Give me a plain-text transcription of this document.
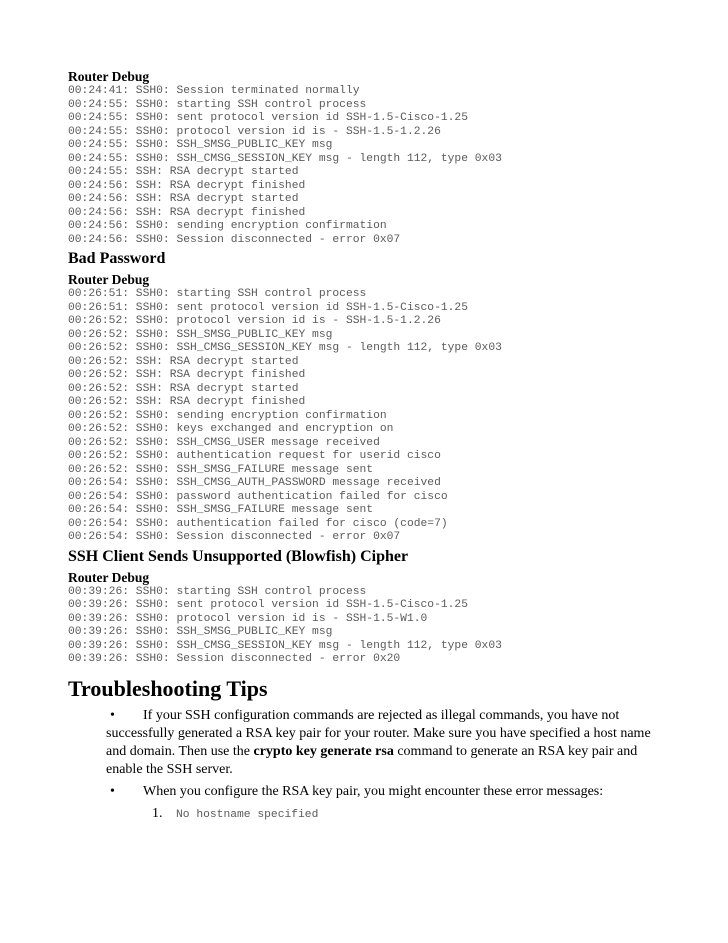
Router Debug

00:24:41: SSH0: Session terminated normally
00:24:55: SSH0: starting SSH control process
00:24:55: SSH0: sent protocol version id SSH-1.5-Cisco-1.25
00:24:55: SSH0: protocol version id is - SSH-1.5-1.2.26
00:24:55: SSH0: SSH_SMSG_PUBLIC_KEY msg
00:24:55: SSH0: SSH_CMSG_SESSION_KEY msg - length 112, type 0x03
00:24:55: SSH: RSA decrypt started
00:24:56: SSH: RSA decrypt finished
00:24:56: SSH: RSA decrypt started
00:24:56: SSH: RSA decrypt finished
00:24:56: SSH0: sending encryption confirmation
00:24:56: SSH0: Session disconnected - error 0x07

Bad Password

Router Debug

00:26:51: SSH0: starting SSH control process
00:26:51: SSH0: sent protocol version id SSH-1.5-Cisco-1.25
00:26:52: SSH0: protocol version id is - SSH-1.5-1.2.26
00:26:52: SSH0: SSH_SMSG_PUBLIC_KEY msg
00:26:52: SSH0: SSH_CMSG_SESSION_KEY msg - length 112, type 0x03
00:26:52: SSH: RSA decrypt started
00:26:52: SSH: RSA decrypt finished
00:26:52: SSH: RSA decrypt started
00:26:52: SSH: RSA decrypt finished
00:26:52: SSH0: sending encryption confirmation
00:26:52: SSH0: keys exchanged and encryption on
00:26:52: SSH0: SSH_CMSG_USER message received
00:26:52: SSH0: authentication request for userid cisco
00:26:52: SSH0: SSH_SMSG_FAILURE message sent
00:26:54: SSH0: SSH_CMSG_AUTH_PASSWORD message received
00:26:54: SSH0: password authentication failed for cisco
00:26:54: SSH0: SSH_SMSG_FAILURE message sent
00:26:54: SSH0: authentication failed for cisco (code=7)
00:26:54: SSH0: Session disconnected - error 0x07

SSH Client Sends Unsupported (Blowfish) Cipher

Router Debug

00:39:26: SSH0: starting SSH control process
00:39:26: SSH0: sent protocol version id SSH-1.5-Cisco-1.25
00:39:26: SSH0: protocol version id is - SSH-1.5-W1.0
00:39:26: SSH0: SSH_SMSG_PUBLIC_KEY msg
00:39:26: SSH0: SSH_CMSG_SESSION_KEY msg - length 112, type 0x03
00:39:26: SSH0: Session disconnected - error 0x20

Troubleshooting Tips

•	If your SSH configuration commands are rejected as illegal commands, you have not successfully generated a RSA key pair for your router. Make sure you have specified a host name and domain. Then use the crypto key generate rsa command to generate an RSA key pair and enable the SSH server.
•	When you configure the RSA key pair, you might encounter these error messages:
1. No hostname specified
